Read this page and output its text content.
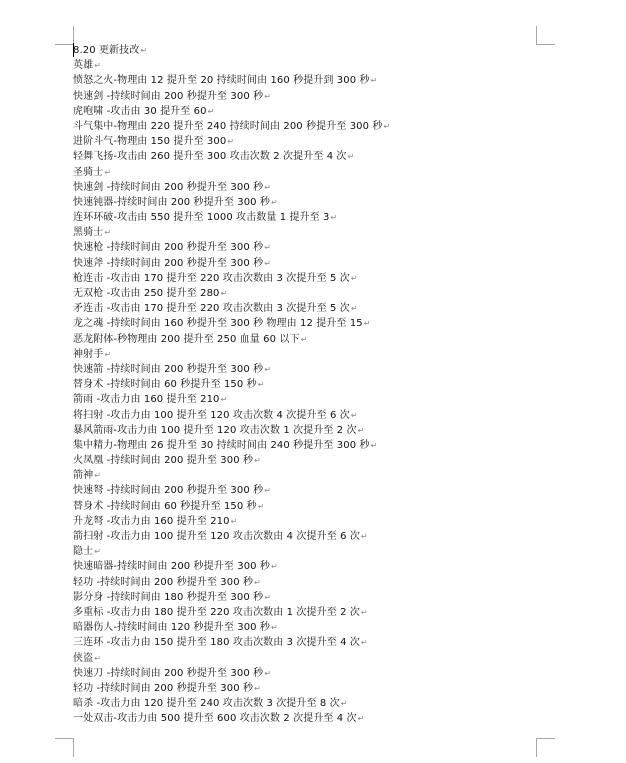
8.20 更新技改↵
英雄↵
愤怒之火-物理由 12 提升至 20 持续时间由 160 秒提升到 300 秒↵
快速剑 -持续时间由 200 秒提升至 300 秒↵
虎咆啸 -攻击由 30 提升至 60↵
斗气集中-物理由 220 提升至 240 持续时间由 200 秒提升至 300 秒↵
进阶斗气-物理由 150 提升至 300↵
轻舞飞扬-攻击由 260 提升至 300 攻击次数 2 次提升至 4 次↵
圣骑士↵
快速剑 -持续时间由 200 秒提升至 300 秒↵
快速钝器-持续时间由 200 秒提升至 300 秒↵
连环环破-攻击由 550 提升至 1000 攻击数量 1 提升至 3↵
黑骑士↵
快速枪 -持续时间由 200 秒提升至 300 秒↵
快速斧 -持续时间由 200 秒提升至 300 秒↵
枪连击 -攻击由 170 提升至 220 攻击次数由 3 次提升至 5 次↵
无双枪 -攻击由 250 提升至 280↵
矛连击 -攻击由 170 提升至 220 攻击次数由 3 次提升至 5 次↵
龙之魂 -持续时间由 160 秒提升至 300 秒 物理由 12 提升至 15↵
恶龙附体-秒物理由 200 提升至 250 血量 60 以下↵
神射手↵
快速箭 -持续时间由 200 秒提升至 300 秒↵
替身术 -持续时间由 60 秒提升至 150 秒↵
箭雨 -攻击力由 160 提升至 210↵
将扫射 -攻击力由 100 提升至 120 攻击次数 4 次提升至 6 次↵
暴风箭雨-攻击力由 100 提升至 120 攻击次数 1 次提升至 2 次↵
集中精力-物理由 26 提升至 30 持续时间由 240 秒提升至 300 秒↵
火凤凰 -持续时间由 200 提升至 300 秒↵
箭神↵
快速弩 -持续时间由 200 秒提升至 300 秒↵
替身术 -持续时间由 60 秒提升至 150 秒↵
升龙弩 -攻击力由 160 提升至 210↵
箭扫射 -攻击力由 100 提升至 120 攻击次数由 4 次提升至 6 次↵
隐士↵
快速暗器-持续时间由 200 秒提升至 300 秒↵
轻功 -持续时间由 200 秒提升至 300 秒↵
影分身 -持续时间由 180 秒提升至 300 秒↵
多重标 -攻击力由 180 提升至 220 攻击次数由 1 次提升至 2 次↵
暗器伤人-持续时间由 120 秒提升至 300 秒↵
三连环 -攻击力由 150 提升至 180 攻击次数由 3 次提升至 4 次↵
侠盗↵
快速刀 -持续时间由 200 秒提升至 300 秒↵
轻功 -持续时间由 200 秒提升至 300 秒↵
暗杀 -攻击力由 120 提升至 240 攻击次数 3 次提升至 8 次↵
一处双击-攻击力由 500 提升至 600 攻击次数 2 次提升至 4 次↵
